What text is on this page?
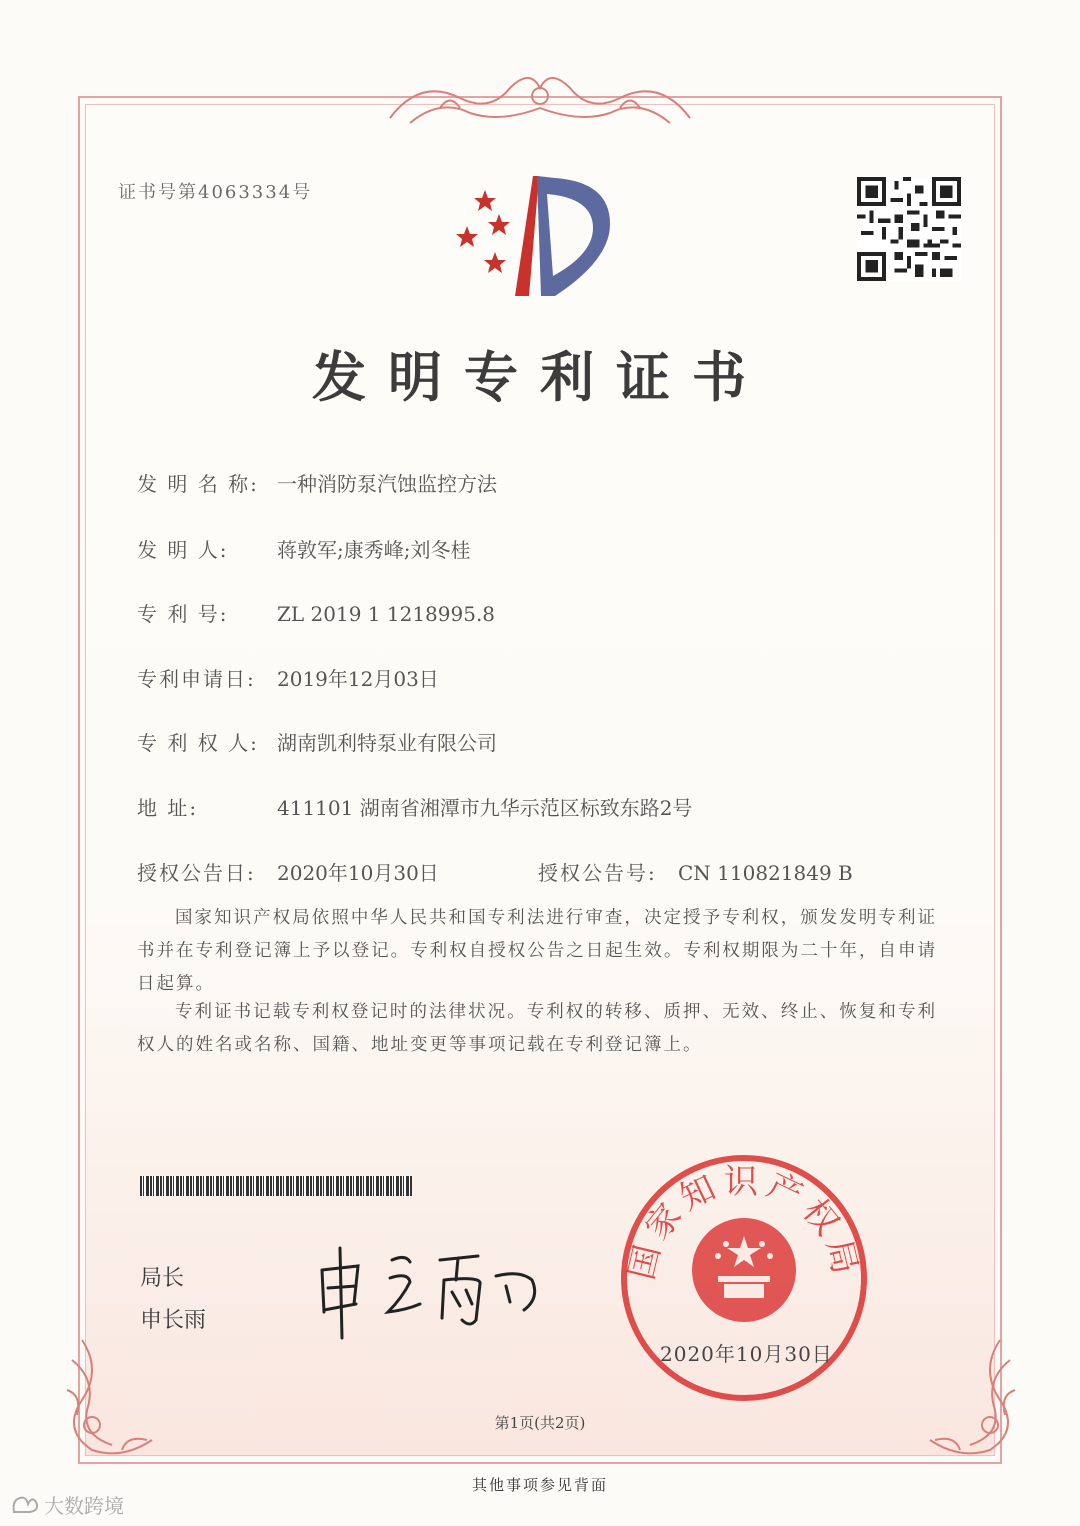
证书号第4063334号
发明专利证书
发 明 名 称: 一种消防泵汽蚀监控方法
发 明 人: 蒋敦军;康秀峰;刘冬桂
专 利 号: ZL 2019 1 1218995.8
专利申请日: 2019年12月03日
专 利 权 人: 湖南凯利特泵业有限公司
地 址:	411101 湖南省湘潭市九华示范区标致东路2号
授权公告日: 2020年10月30日	授权公告号: CN 110821849 B
国家知识产权局依照中华人民共和国专利法进行审查，决定授予专利权，颁发发明专利证书并在专利登记簿上予以登记。专利权自授权公告之日起生效。专利权期限为二十年，自申请日起算。
专利证书记载专利权登记时的法律状况。专利权的转移、质押、无效、终止、恢复和专利权人的姓名或名称、国籍、地址变更等事项记载在专利登记簿上。
局长
申长雨
国家知识产权局
2020年10月30日
第1页(共2页)
其他事项参见背面
大数跨境
